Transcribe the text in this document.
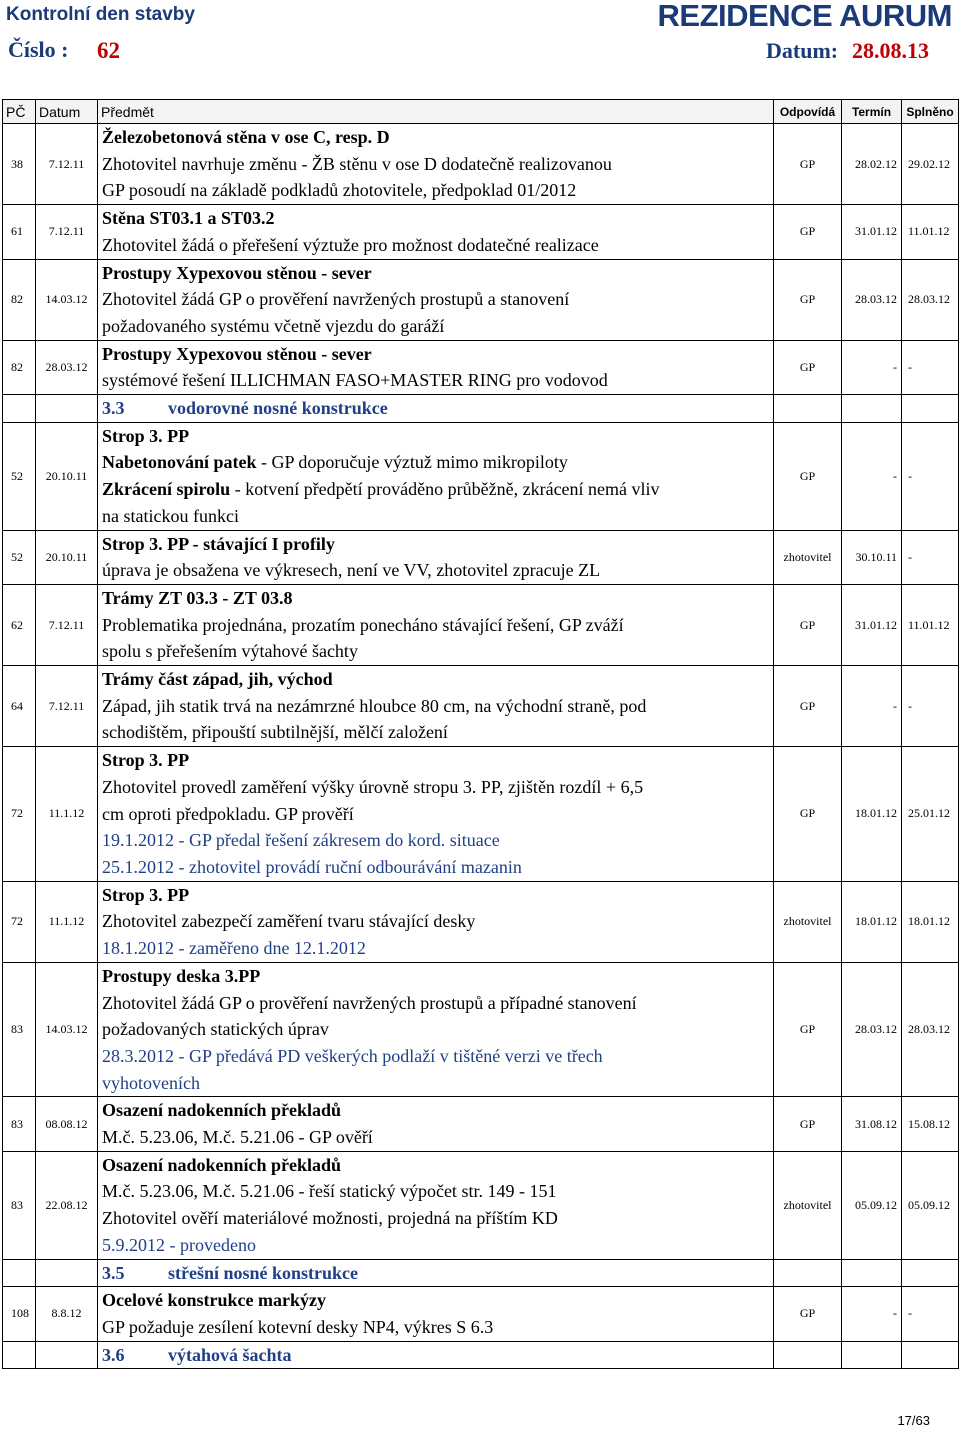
Kontrolní den stavby	REZIDENCE AURUM
Číslo : 62	Datum: 28.08.13
PČ	Datum	Předmět	Odpovídá	Termín	Splněno
38	7.12.11	Železobetonová stěna v ose C, resp. D
Zhotovitel navrhuje změnu - ŽB stěnu v ose D dodatečně realizovanou
GP posoudí na základě podkladů zhotovitele, předpoklad 01/2012	GP	28.02.12	29.02.12
61	7.12.11	Stěna ST03.1 a ST03.2
Zhotovitel žádá o přeřešení výztuže pro možnost dodatečné realizace	GP	31.01.12	11.01.12
82	14.03.12	Prostupy Xypexovou stěnou - sever
Zhotovitel žádá GP o prověření navržených prostupů a stanovení
požadovaného systému včetně vjezdu do garáží	GP	28.03.12	28.03.12
82	28.03.12	Prostupy Xypexovou stěnou - sever
systémové řešení ILLICHMAN FASO+MASTER RING pro vodovod	GP	-	-
		3.3 vodorovné nosné konstrukce			
52	20.10.11	Strop 3. PP
Nabetonování patek - GP doporučuje výztuž mimo mikropiloty
Zkrácení spirolu - kotvení předpětí prováděno průběžně, zkrácení nemá vliv
na statickou funkci	GP	-	-
52	20.10.11	Strop 3. PP - stávající I profily
úprava je obsažena ve výkresech, není ve VV, zhotovitel zpracuje ZL	zhotovitel	30.10.11	-
62	7.12.11	Trámy ZT 03.3 - ZT 03.8
Problematika projednána, prozatím ponecháno stávající řešení, GP zváží
spolu s přeřešením výtahové šachty	GP	31.01.12	11.01.12
64	7.12.11	Trámy část západ, jih, východ
Západ, jih statik trvá na nezámrzné hloubce 80 cm, na východní straně, pod
schodištěm, připouští subtilnější, mělčí založení	GP	-	-
72	11.1.12	Strop 3. PP
Zhotovitel provedl zaměření výšky úrovně stropu 3. PP, zjištěn rozdíl + 6,5
cm oproti předpokladu. GP prověří
19.1.2012 - GP předal řešení zákresem do kord. situace
25.1.2012 - zhotovitel provádí ruční odbourávání mazanin	GP	18.01.12	25.01.12
72	11.1.12	Strop 3. PP
Zhotovitel zabezpečí zaměření tvaru stávající desky
18.1.2012 - zaměřeno dne 12.1.2012	zhotovitel	18.01.12	18.01.12
83	14.03.12	Prostupy deska 3.PP
Zhotovitel žádá GP o prověření navržených prostupů a případné stanovení
požadovaných statických úprav
28.3.2012 - GP předává PD veškerých podlaží v tištěné verzi ve třech
vyhotoveních	GP	28.03.12	28.03.12
83	08.08.12	Osazení nadokenních překladů
M.č. 5.23.06, M.č. 5.21.06 - GP ověří	GP	31.08.12	15.08.12
83	22.08.12	Osazení nadokenních překladů
M.č. 5.23.06, M.č. 5.21.06 - řeší statický výpočet str. 149 - 151
Zhotovitel ověří materiálové možnosti, projedná na příštím KD
5.9.2012 - provedeno	zhotovitel	05.09.12	05.09.12
		3.5 střešní nosné konstrukce			
108	8.8.12	Ocelové konstrukce markýzy
GP požaduje zesílení kotevní desky NP4, výkres S 6.3	GP	-	-
		3.6 výtahová šachta			
17/63
